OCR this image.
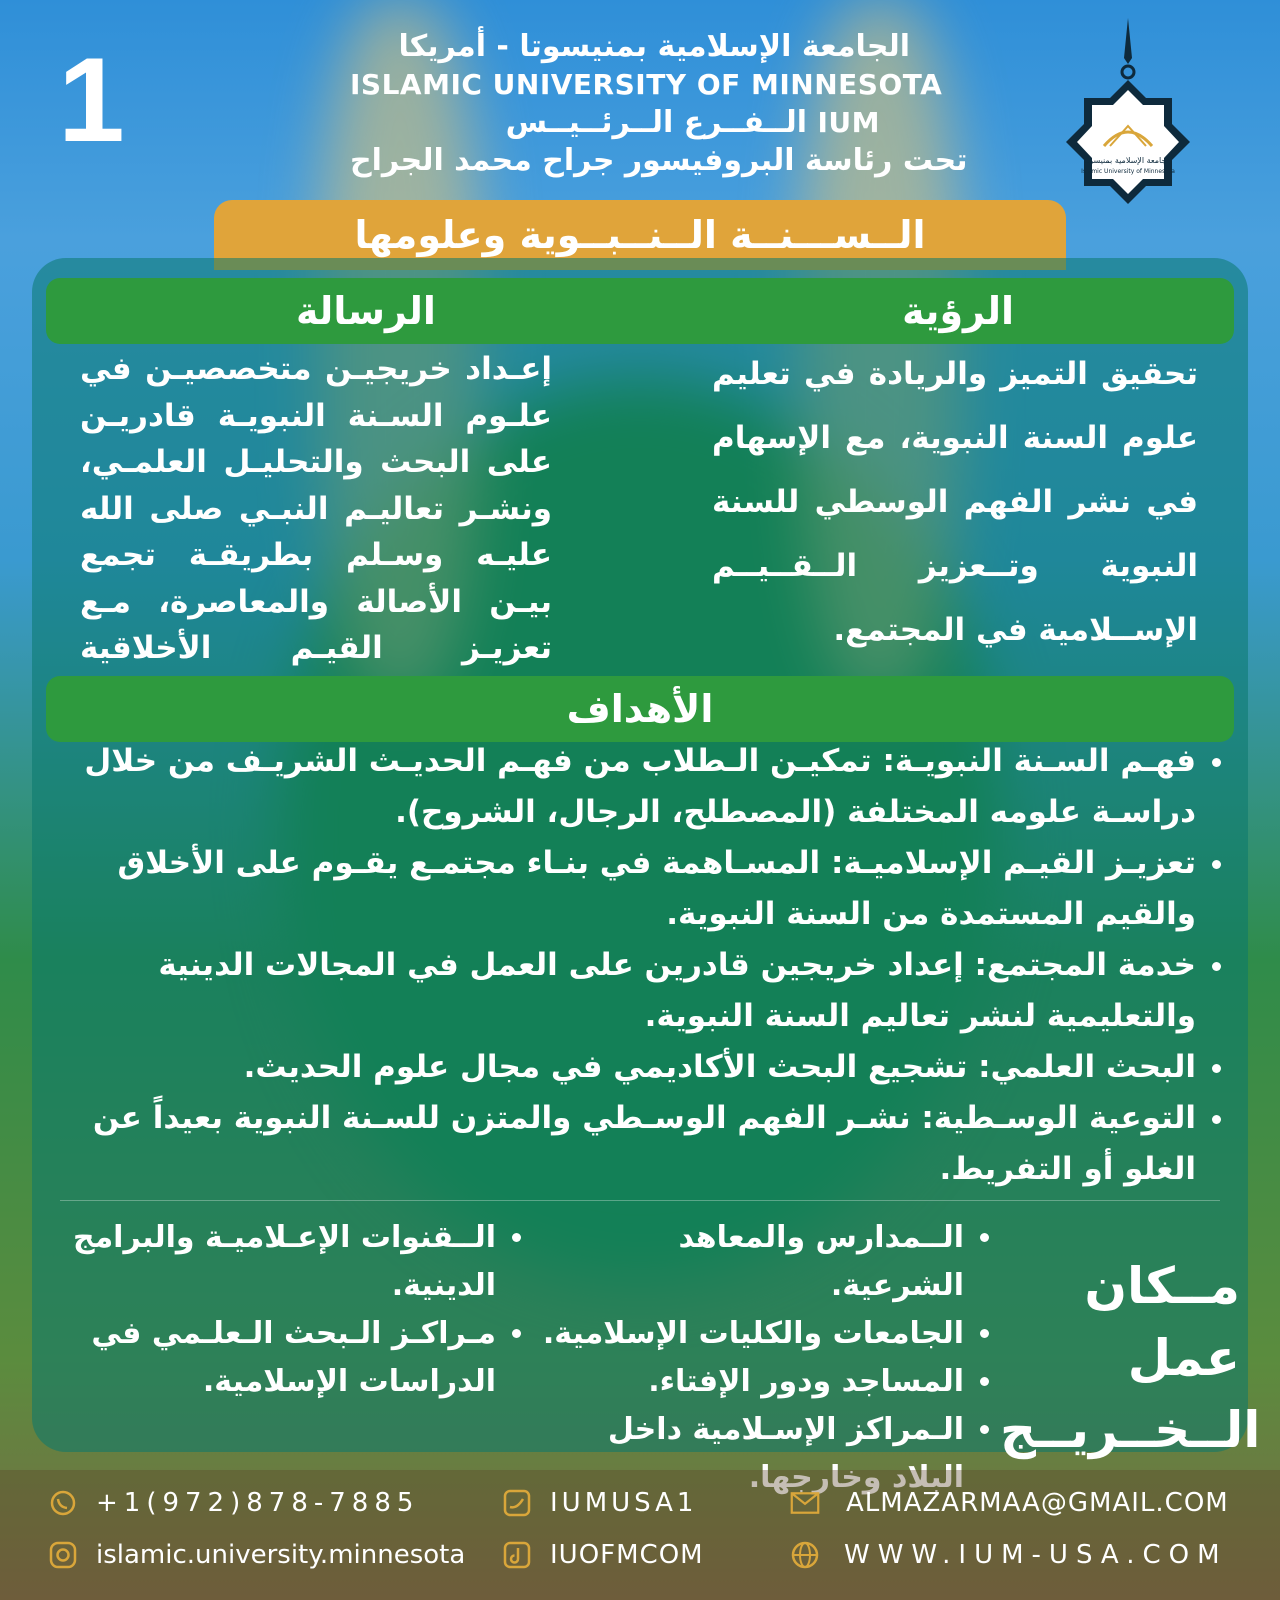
1	الجامعة الإسلامية بمنيسوتا - أمريكا
ISLAMIC UNIVERSITY OF MINNESOTA
الــفــرع الــرئــيــس IUM
تحت رئاسة البروفيسور جراح محمد الجراح	الجامعة الإسلامية بمنيسوتا
Islamic University of Minnesota
الــســـنــة الــنــبــوية وعلومها
الرسالة	الرؤية
تحقيق التميز والريادة في تعليم علوم السنة النبوية، مع الإسهام في نشر الفهم الوسطي للسنة النبوية وتــعزيز الــقــيــم الإســلامية في المجتمع.
إعـداد خريجيـن متخصصيـن في علـوم السـنة النبويـة قادريـن على البحث والتحليـل العلمـي، ونشـر تعاليـم النبـي صلى الله عليـه وسـلم بطريقـة تجمع بيـن الأصالة والمعاصرة، مـع تعزيـز القيـم الأخلاقية
الأهداف
• فهـم السـنة النبويـة: تمكيـن الـطلاب من فهـم الحديـث الشريـف من خلال دراسـة علومه المختلفة (المصطلح، الرجال، الشروح).
• تعزيـز القيـم الإسلاميـة: المسـاهمة في بنـاء مجتمـع يقـوم على الأخلاق والقيم المستمدة من السنة النبوية.
• خدمة المجتمع: إعداد خريجين قادرين على العمل في المجالات الدينية والتعليمية لنشر تعاليم السنة النبوية.
• البحث العلمي: تشجيع البحث الأكاديمي في مجال علوم الحديث.
• التوعية الوسـطية: نشـر الفهم الوسـطي والمتزن للسـنة النبوية بعيداً عن الغلو أو التفريط.
مــكان عمل
الــخــريــج
• الــمدارس والمعاهد الشرعية.
• الجامعات والكليات الإسلامية.
• المساجد ودور الإفتاء.
• الـمراكز الإسـلامية داخل البلاد وخارجها.
• الــقنوات الإعـلاميـة والبرامج الدينية.
• مـراكـز الـبحث الـعلـمي في الدراسات الإسلامية.
+1(972)878-7885	IUMUSA1	ALMAZARMAA@GMAIL.COM
islamic.university.minnesota	IUOFMCOM	WWW.IUM-USA.COM
